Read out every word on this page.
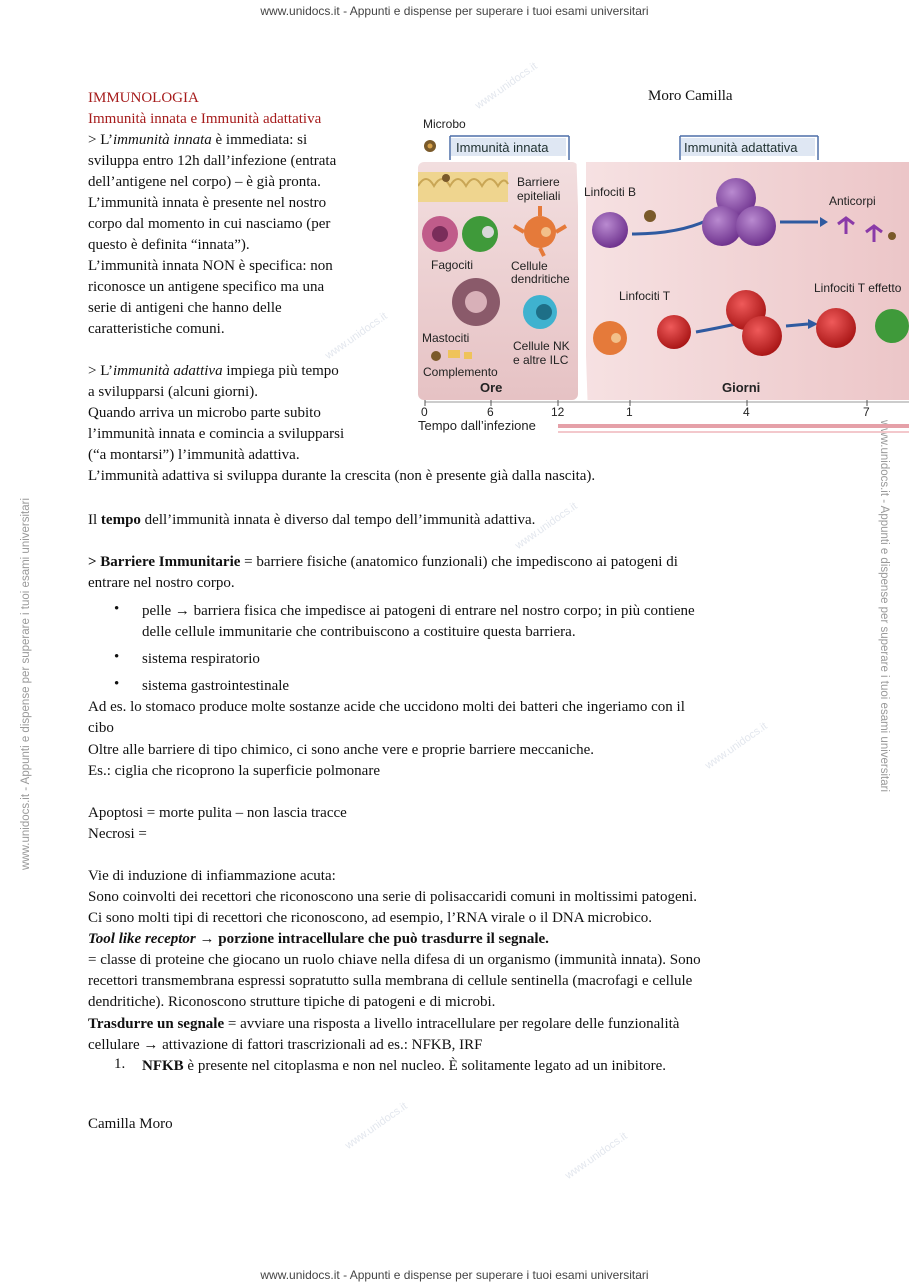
www.unidocs.it
www.unidocs.it
www.unidocs.it
www.unidocs.it
www.unidocs.it
www.unidocs.it
www.unidocs.it - Appunti e dispense per superare i tuoi esami universitari
www.unidocs.it - Appunti e dispense per superare i tuoi esami universitari
www.unidocs.it - Appunti e dispense per superare i tuoi esami universitari	www.unidocs.it - Appunti e dispense per superare i tuoi esami universitari
IMMUNOLOGIA	Moro Camilla
Immunità innata e Immunità adattativa
> L’immunità innata è immediata: si
sviluppa entro 12h dall’infezione (entrata
dell’antigene nel corpo) – è già pronta.
L’immunità innata è presente nel nostro
corpo dal momento in cui nasciamo (per
questo è definita “innata”).
L’immunità innata NON è specifica: non
riconosce un antigene specifico ma una
serie di antigeni che hanno delle
caratteristiche comuni.
> L’immunità adattiva impiega più tempo
a svilupparsi (alcuni giorni).
Quando arriva un microbo parte subito
l’immunità innata e comincia a svilupparsi
(“a montarsi”) l’immunità adattiva.
L’immunità adattiva si sviluppa durante la crescita (non è presente già dalla nascita).
Il tempo dell’immunità innata è diverso dal tempo dell’immunità adattiva.
> Barriere Immunitarie = barriere fisiche (anatomico funzionali) che impediscono ai patogeni di
entrare nel nostro corpo.
• pelle → barriera fisica che impedisce ai patogeni di entrare nel nostro corpo; in più contiene
delle cellule immunitarie che contribuiscono a costituire questa barriera.
• sistema respiratorio
• sistema gastrointestinale
Ad es. lo stomaco produce molte sostanze acide che uccidono molti dei batteri che ingeriamo con il
cibo
Oltre alle barriere di tipo chimico, ci sono anche vere e proprie barriere meccaniche.
Es.: ciglia che ricoprono la superficie polmonare
Apoptosi = morte pulita – non lascia tracce
Necrosi =
Vie di induzione di infiammazione acuta:
Sono coinvolti dei recettori che riconoscono una serie di polisaccaridi comuni in moltissimi patogeni.
Ci sono molti tipi di recettori che riconoscono, ad esempio, l’RNA virale o il DNA microbico.
Tool like receptor → porzione intracellulare che può trasdurre il segnale.
= classe di proteine che giocano un ruolo chiave nella difesa di un organismo (immunità innata). Sono
recettori transmembrana espressi sopratutto sulla membrana di cellule sentinella (macrofagi e cellule
dendritiche). Riconoscono strutture tipiche di patogeni e di microbi.
Trasdurre un segnale = avviare una risposta a livello intracellulare per regolare delle funzionalità
cellulare → attivazione di fattori trascrizionali ad es.: NFKB, IRF
1. NFKB è presente nel citoplasma e non nel nucleo. È solitamente legato ad un inibitore.
Camilla Moro
Microbo
Immunità innata	Immunità adattativa
Barriere
epiteliali
Fagociti	Cellule
dendritiche
Mastociti
Cellule NK
e altre ILC
Complemento
Ore
Linfociti B
Anticorpi
Linfociti T
Linfociti T effetto
Giorni
0	6	12	1	4	7
Tempo dall’infezione
